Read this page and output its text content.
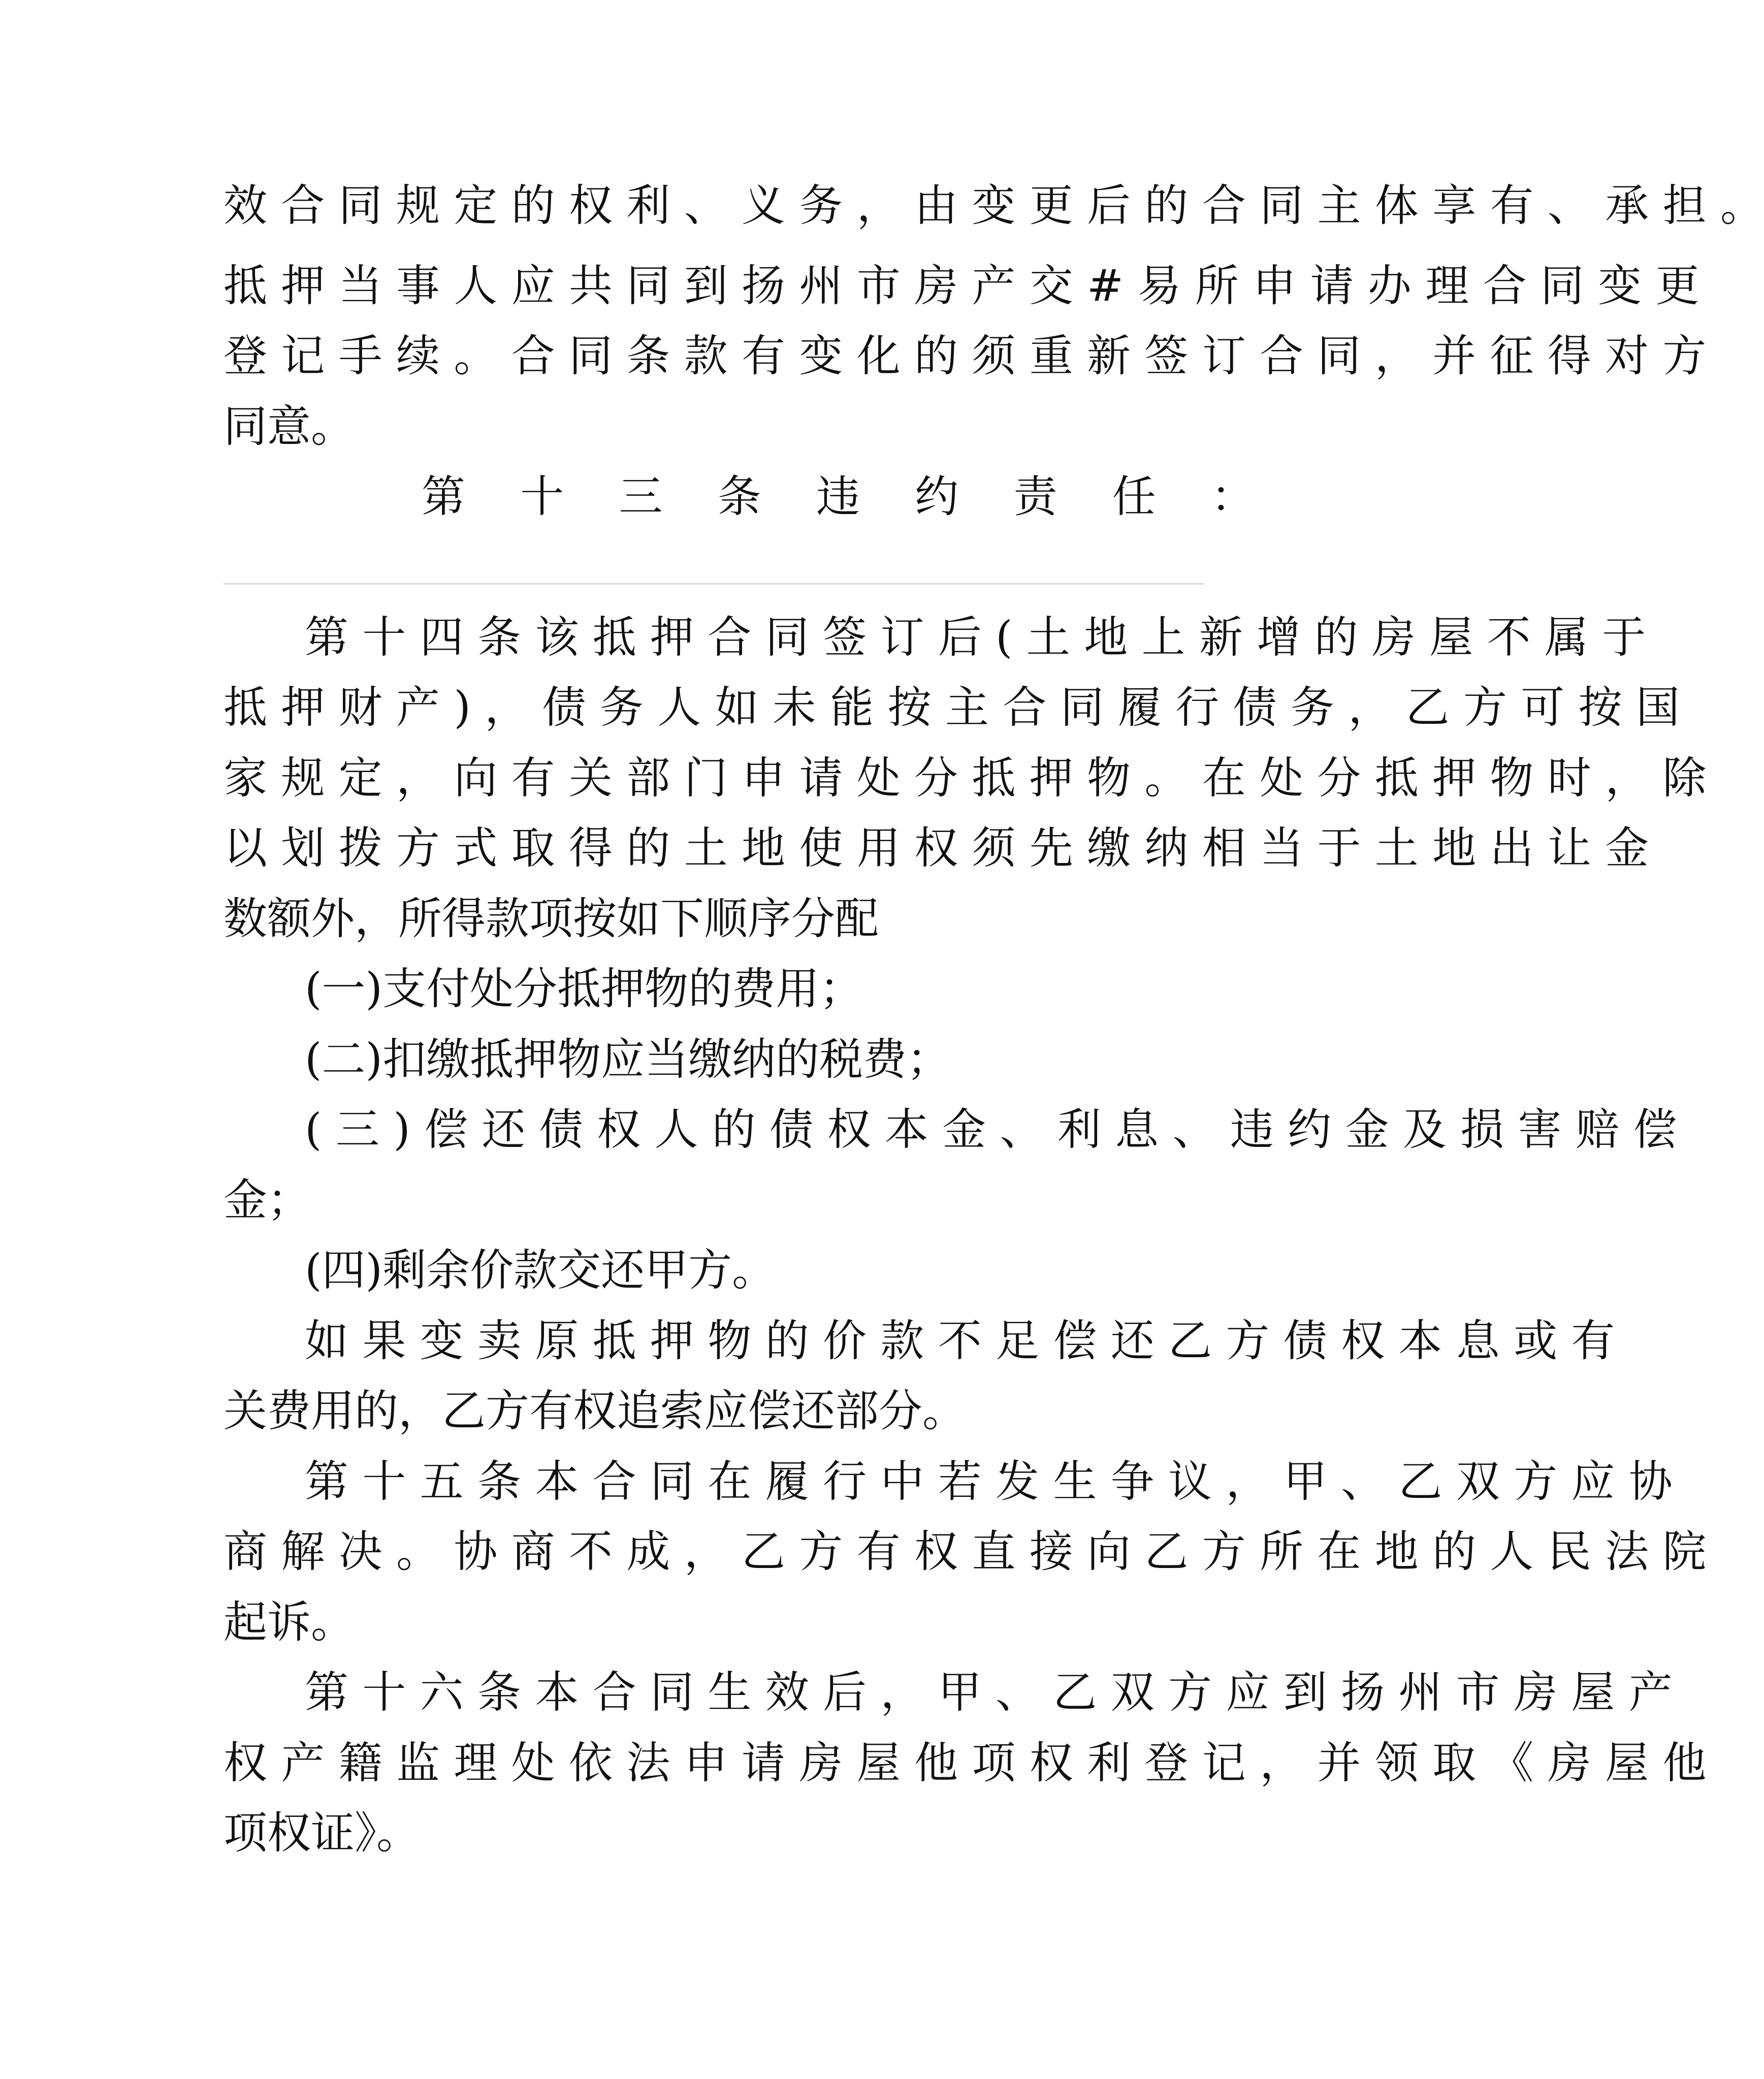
效 合 同 规 定 的 权 利 、 义 务 ， 由 变 更 后 的 合 同 主 体 享 有 、 承 担 。
抵 押 当 事 人 应 共 同 到 扬 州 市 房 产 交 # 易 所 申 请 办 理 合 同 变 更
登 记 手 续 。 合 同 条 款 有 变 化 的 须 重 新 签 订 合 同 ， 并 征 得 对 方
同意。
第 十 三 条 违 约 责 任 ：
第 十 四 条 该 抵 押 合 同 签 订 后 ( 土 地 上 新 增 的 房 屋 不 属 于
抵 押 财 产 ) ， 债 务 人 如 未 能 按 主 合 同 履 行 债 务 ， 乙 方 可 按 国
家 规 定 ， 向 有 关 部 门 申 请 处 分 抵 押 物 。 在 处 分 抵 押 物 时 ， 除
以 划 拨 方 式 取 得 的 土 地 使 用 权 须 先 缴 纳 相 当 于 土 地 出 让 金
数额外，所得款项按如下顺序分配
(一)支付处分抵押物的费用；
(二)扣缴抵押物应当缴纳的税费；
( 三 ) 偿 还 债 权 人 的 债 权 本 金 、 利 息 、 违 约 金 及 损 害 赔 偿
金；
(四)剩余价款交还甲方。
如 果 变 卖 原 抵 押 物 的 价 款 不 足 偿 还 乙 方 债 权 本 息 或 有
关费用的，乙方有权追索应偿还部分。
第 十 五 条 本 合 同 在 履 行 中 若 发 生 争 议 ， 甲 、 乙 双 方 应 协
商 解 决 。 协 商 不 成 ， 乙 方 有 权 直 接 向 乙 方 所 在 地 的 人 民 法 院
起诉。
第 十 六 条 本 合 同 生 效 后 ， 甲 、 乙 双 方 应 到 扬 州 市 房 屋 产
权 产 籍 监 理 处 依 法 申 请 房 屋 他 项 权 利 登 记 ， 并 领 取 《 房 屋 他
项权证》。
